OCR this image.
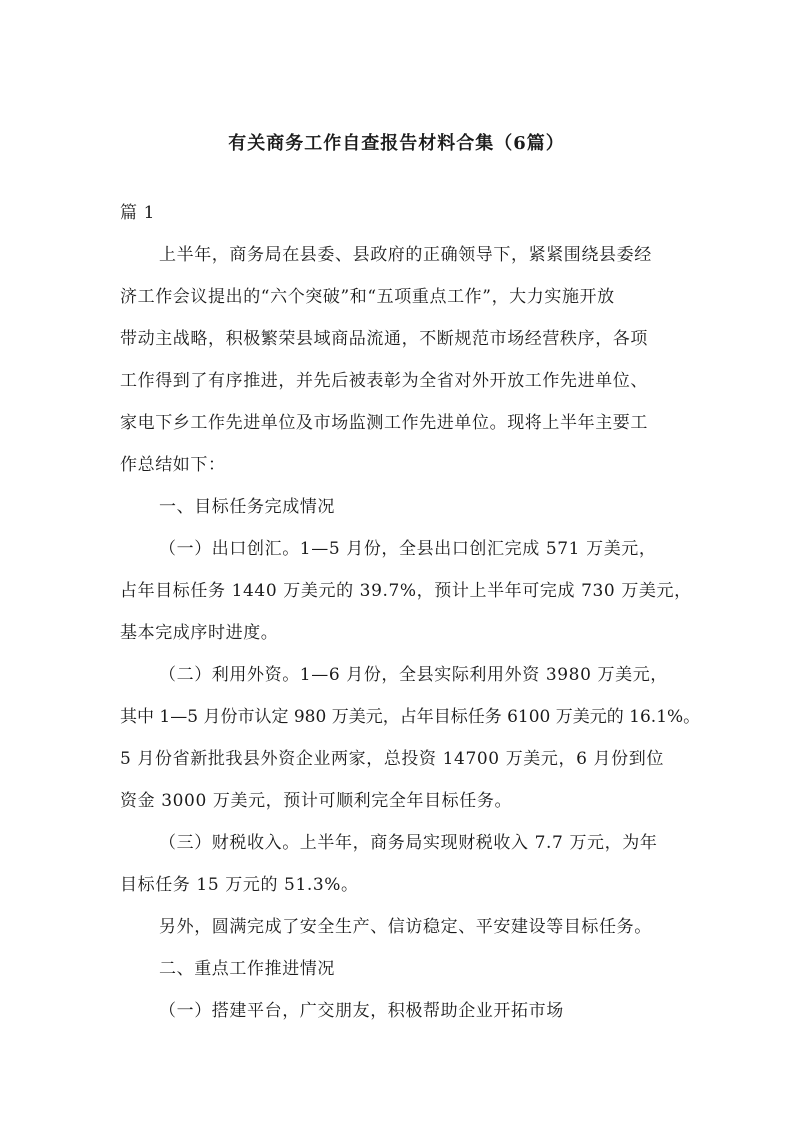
有关商务工作自查报告材料合集（6篇）
篇 1
上半年，商务局在县委、县政府的正确领导下，紧紧围绕县委经
济工作会议提出的“六个突破”和“五项重点工作”，大力实施开放
带动主战略，积极繁荣县域商品流通，不断规范市场经营秩序，各项
工作得到了有序推进，并先后被表彰为全省对外开放工作先进单位、
家电下乡工作先进单位及市场监测工作先进单位。现将上半年主要工
作总结如下：
一、目标任务完成情况
（一）出口创汇。1—5 月份，全县出口创汇完成 571 万美元，
占年目标任务 1440 万美元的 39.7%，预计上半年可完成 730 万美元，
基本完成序时进度。
（二）利用外资。1—6 月份，全县实际利用外资 3980 万美元，
其中 1—5 月份市认定 980 万美元，占年目标任务 6100 万美元的 16.1%。
5 月份省新批我县外资企业两家，总投资 14700 万美元，6 月份到位
资金 3000 万美元，预计可顺利完全年目标任务。
（三）财税收入。上半年，商务局实现财税收入 7.7 万元，为年
目标任务 15 万元的 51.3%。
另外，圆满完成了安全生产、信访稳定、平安建设等目标任务。
二、重点工作推进情况
（一）搭建平台，广交朋友，积极帮助企业开拓市场
